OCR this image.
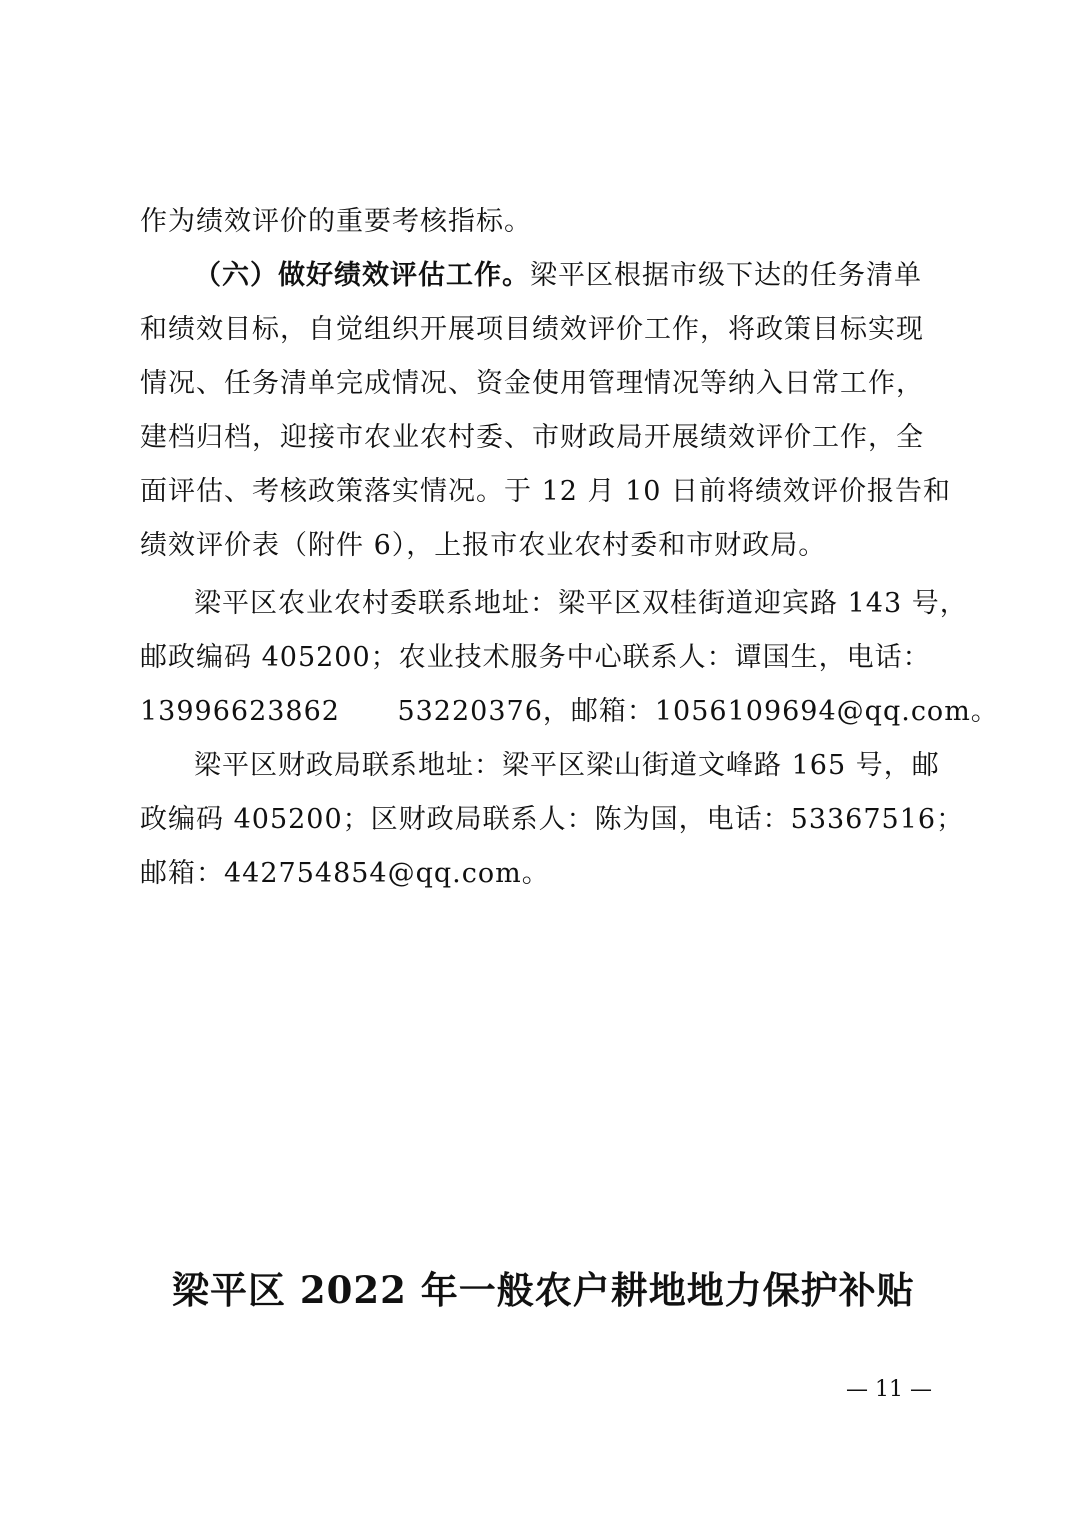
作为绩效评价的重要考核指标。
（六）做好绩效评估工作。梁平区根据市级下达的任务清单
和绩效目标，自觉组织开展项目绩效评价工作，将政策目标实现
情况、任务清单完成情况、资金使用管理情况等纳入日常工作，
建档归档，迎接市农业农村委、市财政局开展绩效评价工作，全
面评估、考核政策落实情况。于 12 月 10 日前将绩效评价报告和
绩效评价表（附件 6），上报市农业农村委和市财政局。
梁平区农业农村委联系地址：梁平区双桂街道迎宾路 143 号，
邮政编码 405200；农业技术服务中心联系人：谭国生，电话：
13996623862      53220376，邮箱：1056109694@qq.com。
梁平区财政局联系地址：梁平区梁山街道文峰路 165 号，邮
政编码 405200；区财政局联系人：陈为国，电话：53367516；
邮箱：442754854@qq.com。
梁平区 2022 年一般农户耕地地力保护补贴
— 11 —
